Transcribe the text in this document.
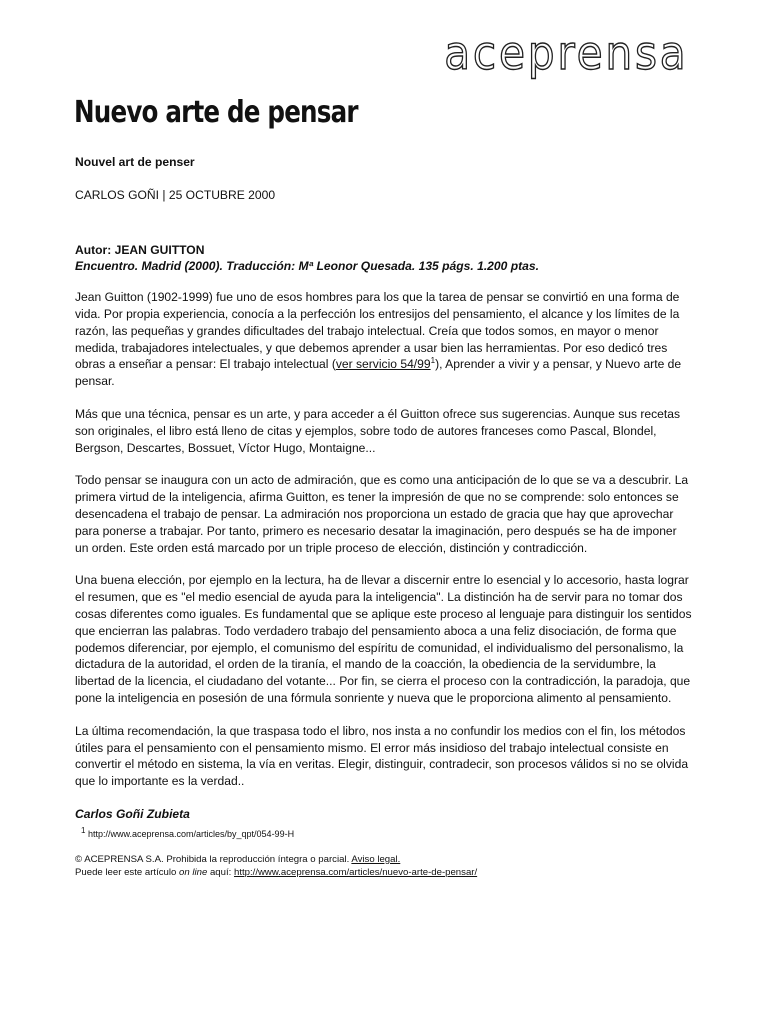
aceprensa
Nuevo arte de pensar

Nouvel art de penser

CARLOS GOÑI | 25 OCTUBRE 2000

Autor: JEAN GUITTON

Encuentro. Madrid (2000). Traducción: Mª Leonor Quesada. 135 págs. 1.200 ptas.

Jean Guitton (1902-1999) fue uno de esos hombres para los que la tarea de pensar se convirtió en una forma de vida. Por propia experiencia, conocía a la perfección los entresijos del pensamiento, el alcance y los límites de la razón, las pequeñas y grandes dificultades del trabajo intelectual. Creía que todos somos, en mayor o menor medida, trabajadores intelectuales, y que debemos aprender a usar bien las herramientas. Por eso dedicó tres obras a enseñar a pensar: El trabajo intelectual (ver servicio $54/99^1$), Aprender a vivir y a pensar, y Nuevo arte de pensar.

Más que una técnica, pensar es un arte, y para acceder a él Guitton ofrece sus sugerencias. Aunque sus recetas son originales, el libro está lleno de citas y ejemplos, sobre todo de autores franceses como Pascal, Blondel, Bergson, Descartes, Bossuet, Víctor Hugo, Montaigne...

Todo pensar se inaugura con un acto de admiración, que es como una anticipación de lo que se va a descubrir. La primera virtud de la inteligencia, afirma Guitton, es tener la impresión de que no se comprende: solo entonces se desencadena el trabajo de pensar. La admiración nos proporciona un estado de gracia que hay que aprovechar para ponerse a trabajar. Por tanto, primero es necesario desatar la imaginación, pero después se ha de imponer un orden. Este orden está marcado por un triple proceso de elección, distinción y contradicción.

Una buena elección, por ejemplo en la lectura, ha de llevar a discernir entre lo esencial y lo accesorio, hasta lograr el resumen, que es "el medio esencial de ayuda para la inteligencia". La distinción ha de servir para no tomar dos cosas diferentes como iguales. Es fundamental que se aplique este proceso al lenguaje para distinguir los sentidos que encierran las palabras. Todo verdadero trabajo del pensamiento aboca a una feliz disociación, de forma que podemos diferenciar, por ejemplo, el comunismo del espíritu de comunidad, el individualismo del personalismo, la dictadura de la autoridad, el orden de la tiranía, el mando de la coacción, la obediencia de la servidumbre, la libertad de la licencia, el ciudadano del votante... Por fin, se cierra el proceso con la contradicción, la paradoja, que pone la inteligencia en posesión de una fórmula sonriente y nueva que le proporciona alimento al pensamiento.

La última recomendación, la que traspasa todo el libro, nos insta a no confundir los medios con el fin, los métodos útiles para el pensamiento con el pensamiento mismo. El error más insidioso del trabajo intelectual consiste en convertir el método en sistema, la vía en veritas. Elegir, distinguir, contradecir, son procesos válidos si no se olvida que lo importante es la verdad..

Carlos Goñi Zubieta

$^1$ http://www.aceprensa.com/articles/by_qpt/054-99-H

© ACEPRENSA S.A. Prohibida la reproducción íntegra o parcial. Aviso legal.

Puede leer este artículo on line aquí: http://www.aceprensa.com/articles/nuevo-arte-de-pensar/
